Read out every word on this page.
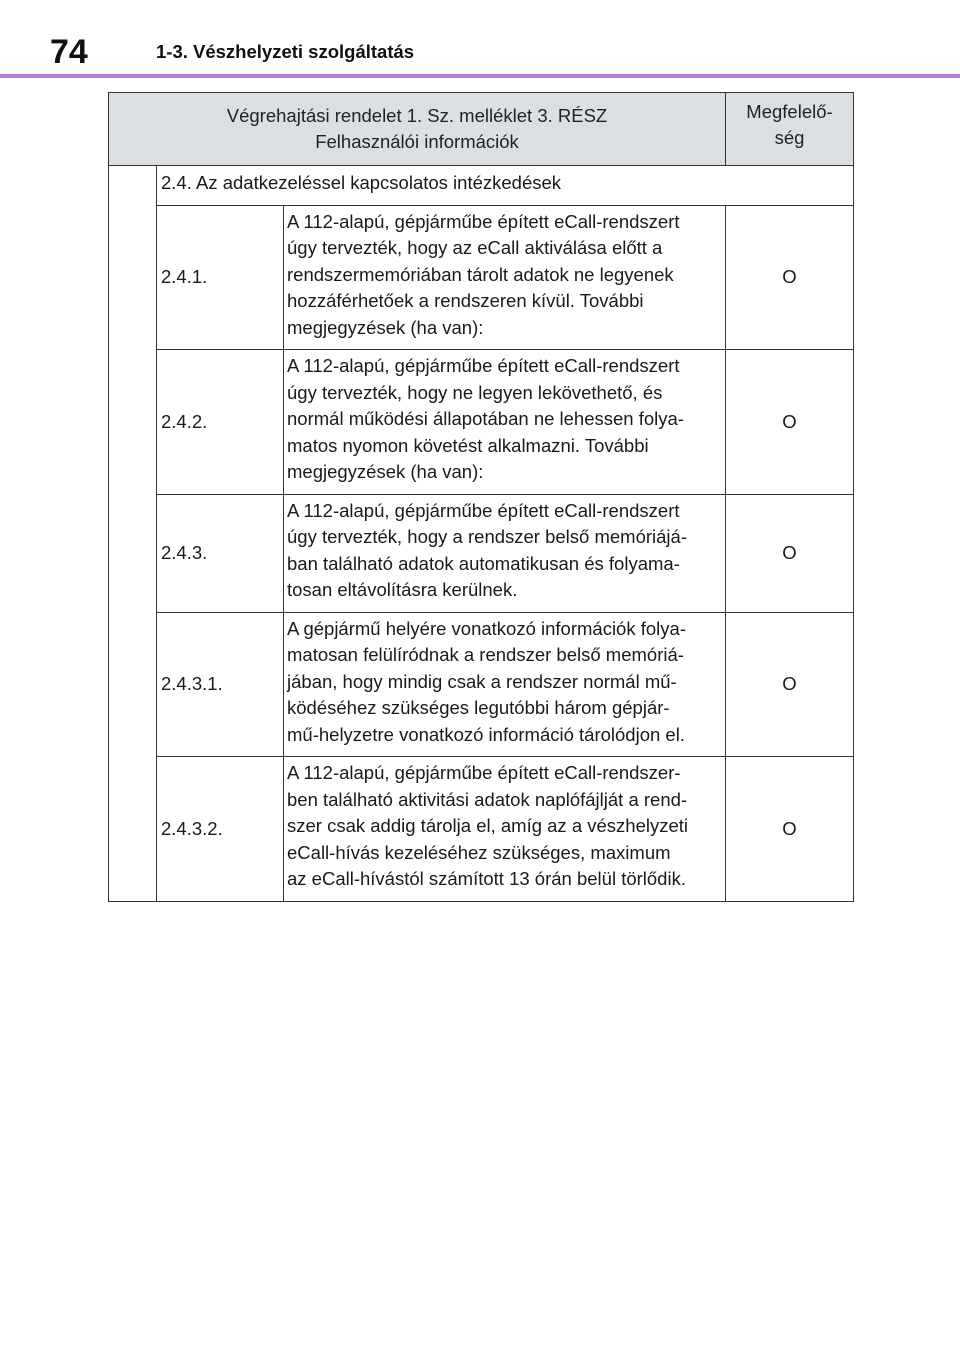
74	1-3. Vészhelyzeti szolgáltatás
Végrehajtási rendelet 1. Sz. melléklet 3. RÉSZ
Felhasználói információk			Megfelelő-
ség

	2.4. Az adatkezeléssel kapcsolatos intézkedések		
	2.4.1.	A 112-alapú, gépjárműbe épített eCall-rendszert
úgy tervezték, hogy az eCall aktiválása előtt a
rendszermemóriában tárolt adatok ne legyenek
hozzáférhetőek a rendszeren kívül. További
megjegyzések (ha van):	O
	2.4.2.	A 112-alapú, gépjárműbe épített eCall-rendszert
úgy tervezték, hogy ne legyen lekövethető, és
normál működési állapotában ne lehessen folya-
matos nyomon követést alkalmazni. További
megjegyzések (ha van):	O
	2.4.3.	A 112-alapú, gépjárműbe épített eCall-rendszert
úgy tervezték, hogy a rendszer belső memóriájá-
ban található adatok automatikusan és folyama-
tosan eltávolításra kerülnek.	O
	2.4.3.1.	A gépjármű helyére vonatkozó információk folya-
matosan felülíródnak a rendszer belső memóriá-
jában, hogy mindig csak a rendszer normál mű-
ködéséhez szükséges legutóbbi három gépjár-
mű-helyzetre vonatkozó információ tárolódjon el.	O
	2.4.3.2.	A 112-alapú, gépjárműbe épített eCall-rendszer-
ben található aktivitási adatok naplófájlját a rend-
szer csak addig tárolja el, amíg az a vészhelyzeti
eCall-hívás kezeléséhez szükséges, maximum
az eCall-hívástól számított 13 órán belül törlődik.	O
